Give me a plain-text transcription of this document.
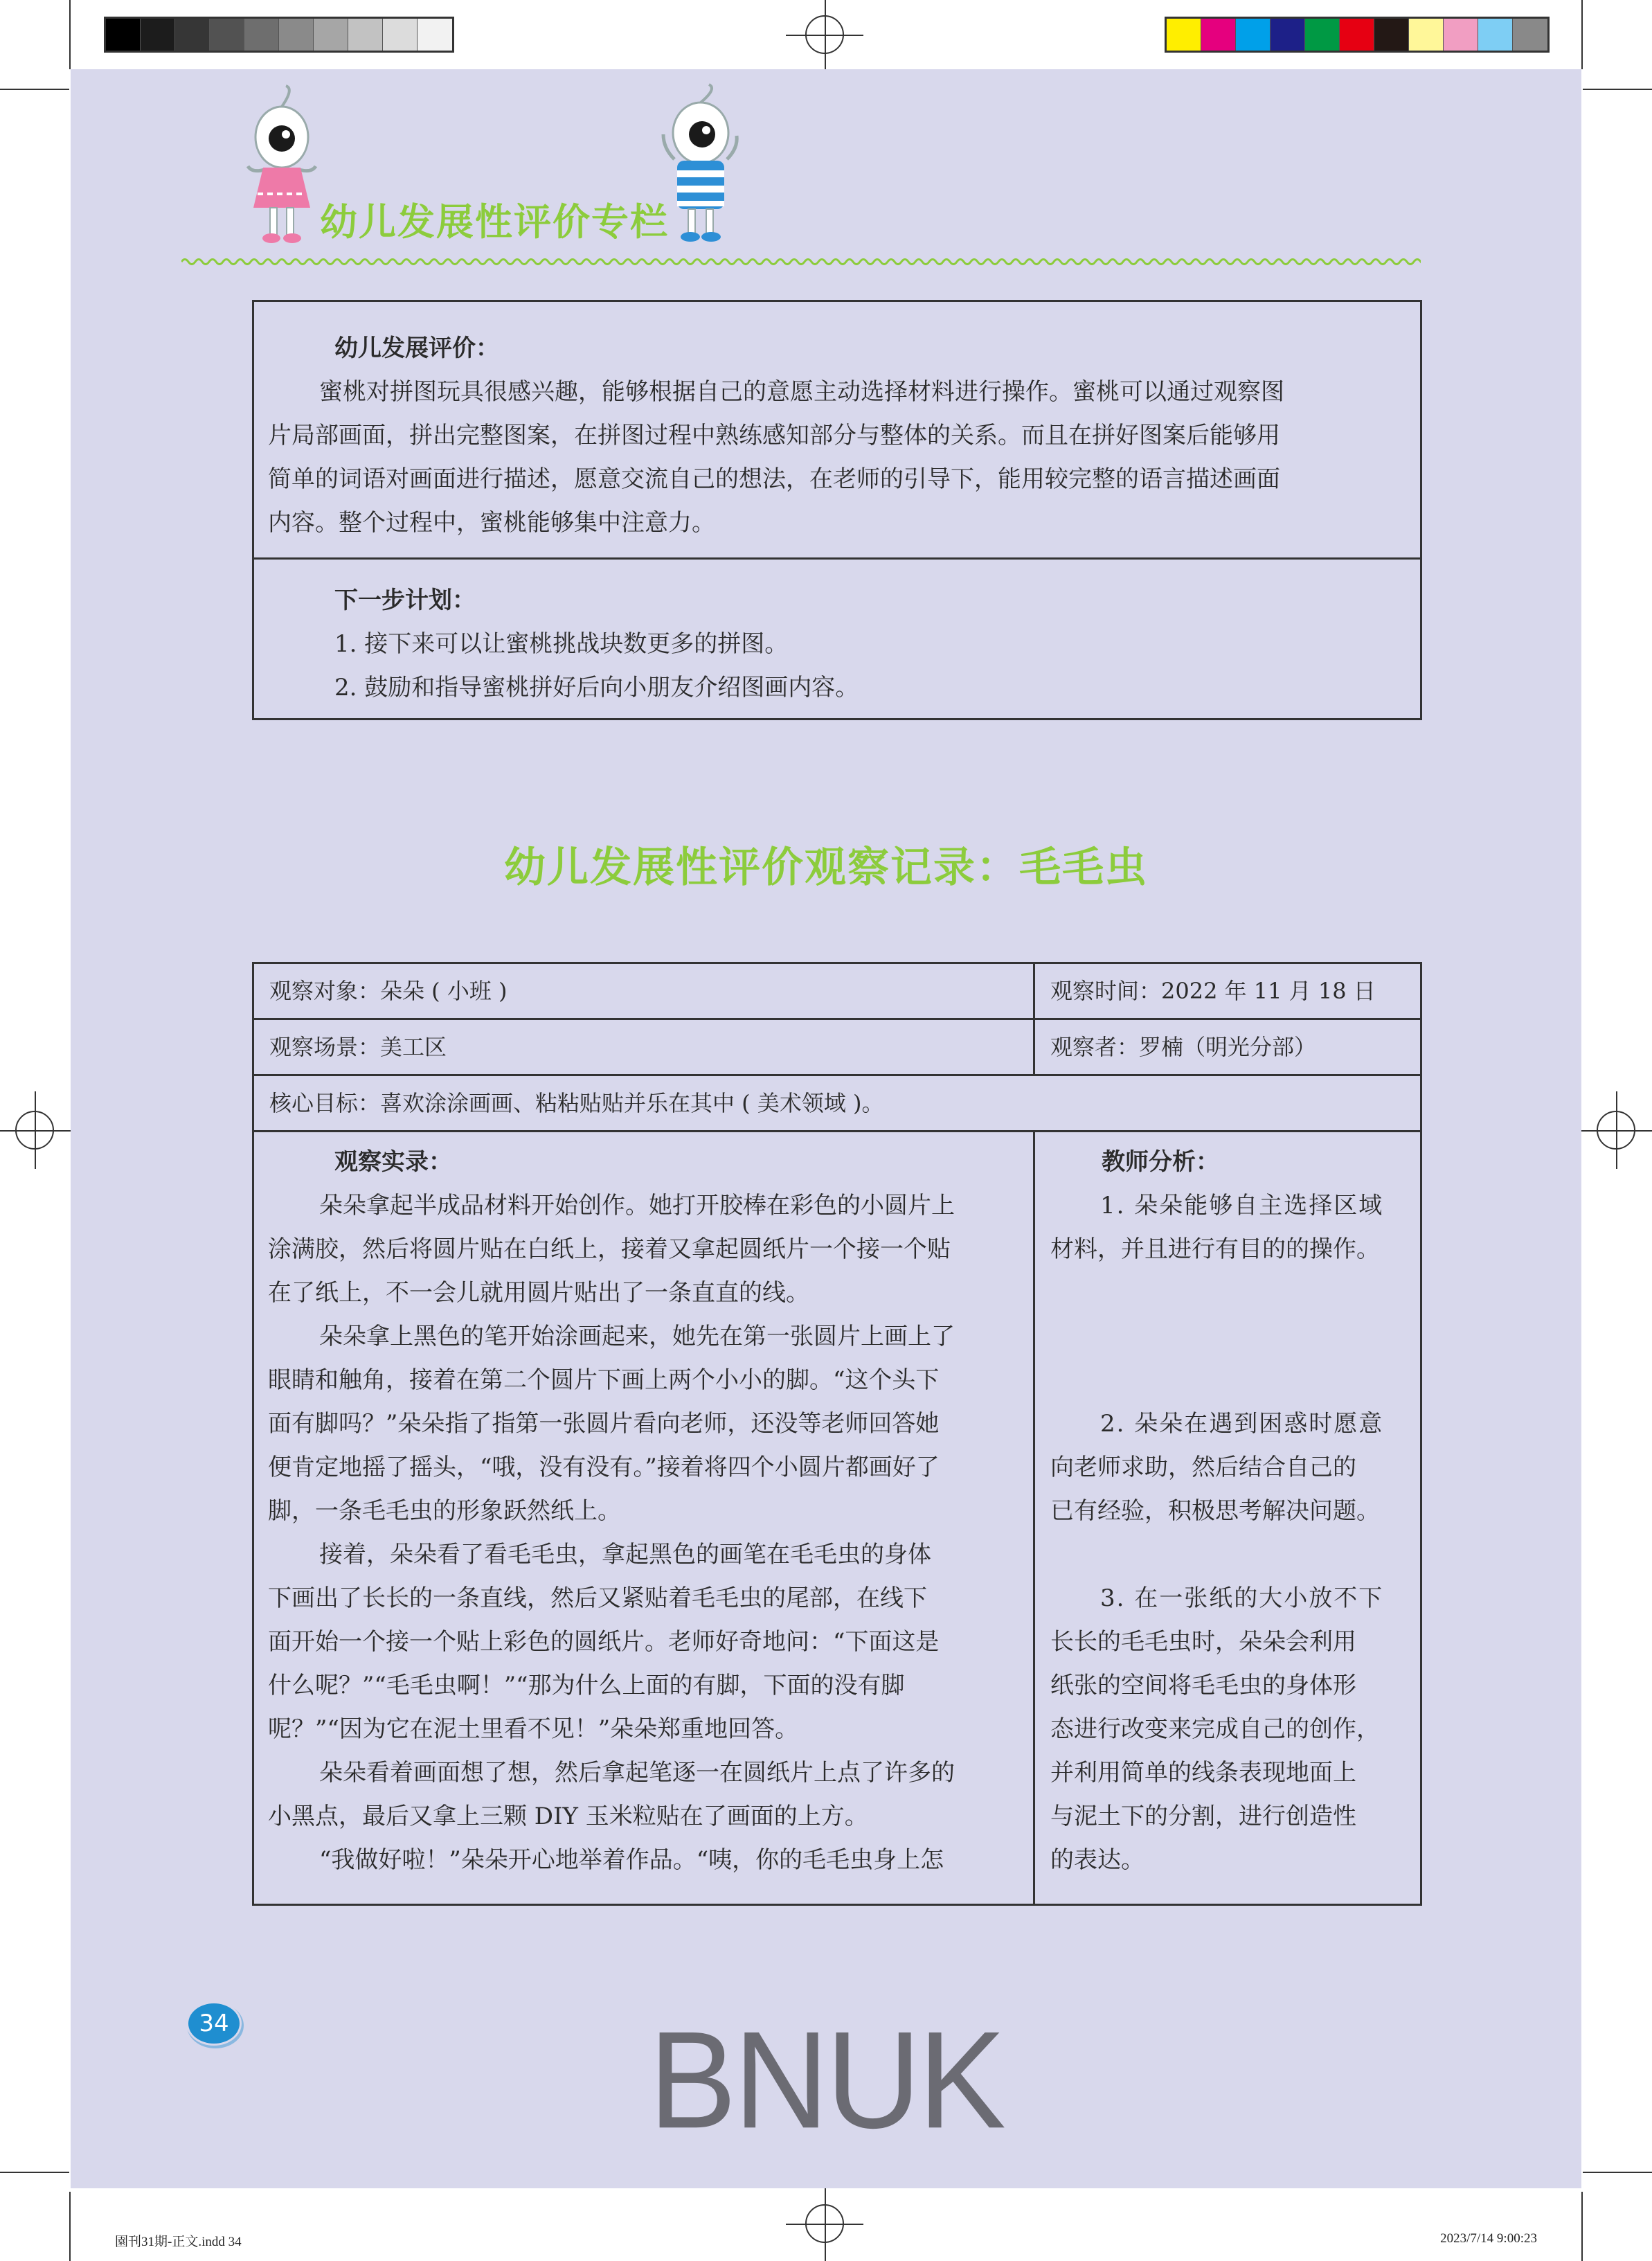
園刊31期-正文.indd 34	2023/7/14 9:00:23
幼儿发展性评价专栏
幼儿发展评价：
蜜桃对拼图玩具很感兴趣，能够根据自己的意愿主动选择材料进行操作。蜜桃可以通过观察图
片局部画面，拼出完整图案，在拼图过程中熟练感知部分与整体的关系。而且在拼好图案后能够用
简单的词语对画面进行描述，愿意交流自己的想法，在老师的引导下，能用较完整的语言描述画面
内容。整个过程中，蜜桃能够集中注意力。
下一步计划：
1. 接下来可以让蜜桃挑战块数更多的拼图。
2. 鼓励和指导蜜桃拼好后向小朋友介绍图画内容。
幼儿发展性评价观察记录：毛毛虫
观察对象：朵朵 ( 小班 )	观察时间：2022 年 11 月 18 日
观察场景：美工区	观察者：罗楠（明光分部）
核心目标：喜欢涂涂画画、粘粘贴贴并乐在其中 ( 美术领域 )。
观察实录：
朵朵拿起半成品材料开始创作。她打开胶棒在彩色的小圆片上
涂满胶，然后将圆片贴在白纸上，接着又拿起圆纸片一个接一个贴
在了纸上，不一会儿就用圆片贴出了一条直直的线。
朵朵拿上黑色的笔开始涂画起来，她先在第一张圆片上画上了
眼睛和触角，接着在第二个圆片下画上两个小小的脚。“这个头下
面有脚吗？”朵朵指了指第一张圆片看向老师，还没等老师回答她
便肯定地摇了摇头，“哦，没有没有。”接着将四个小圆片都画好了
脚，一条毛毛虫的形象跃然纸上。
接着，朵朵看了看毛毛虫，拿起黑色的画笔在毛毛虫的身体
下画出了长长的一条直线，然后又紧贴着毛毛虫的尾部，在线下
面开始一个接一个贴上彩色的圆纸片。老师好奇地问：“下面这是
什么呢？”“毛毛虫啊！”“那为什么上面的有脚，下面的没有脚
呢？”“因为它在泥土里看不见！”朵朵郑重地回答。
朵朵看着画面想了想，然后拿起笔逐一在圆纸片上点了许多的
小黑点，最后又拿上三颗 DIY 玉米粒贴在了画面的上方。
“我做好啦！”朵朵开心地举着作品。“咦，你的毛毛虫身上怎
教师分析：
1. 朵朵能够自主选择区域
材料，并且进行有目的的操作。
2. 朵朵在遇到困惑时愿意
向老师求助，然后结合自己的
已有经验，积极思考解决问题。
3. 在一张纸的大小放不下
长长的毛毛虫时，朵朵会利用
纸张的空间将毛毛虫的身体形
态进行改变来完成自己的创作，
并利用简单的线条表现地面上
与泥土下的分割，进行创造性
的表达。
34	BNUK
